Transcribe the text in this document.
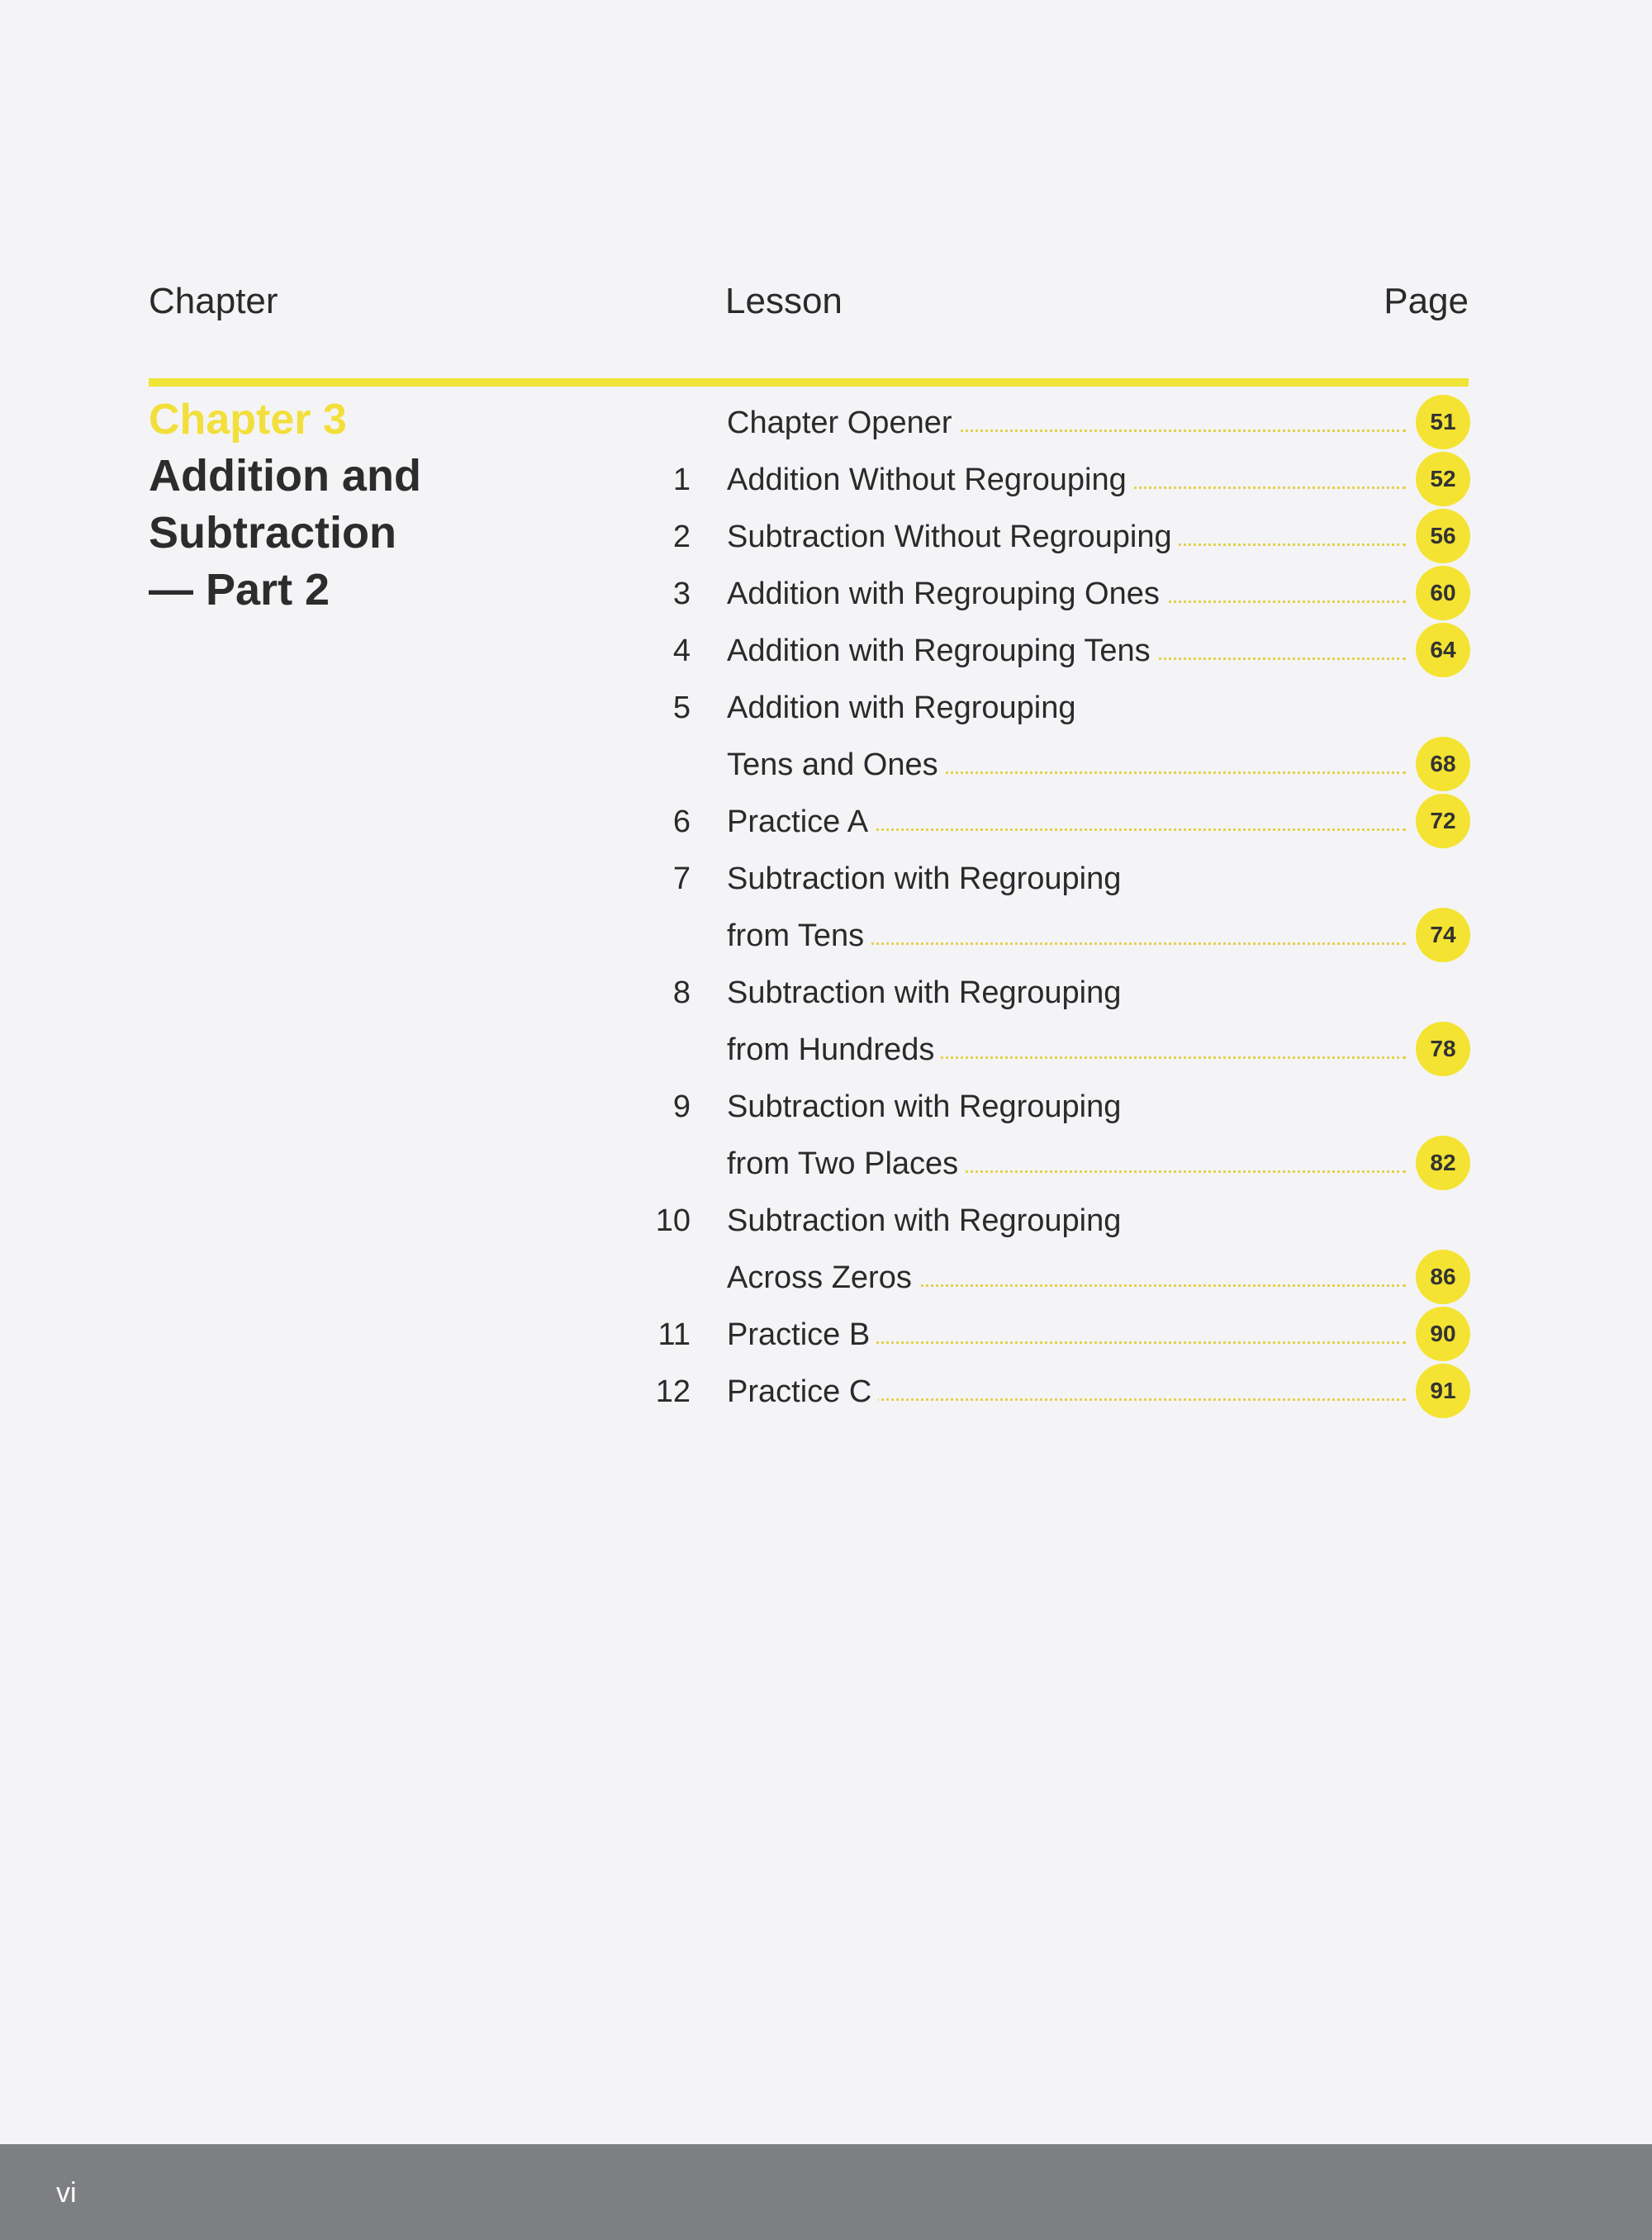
Chapter	Lesson	Page
Chapter 3
Addition and
Subtraction
— Part 2
Chapter Opener	51
1 Addition Without Regrouping	52
2 Subtraction Without Regrouping	56
3 Addition with Regrouping Ones	60
4 Addition with Regrouping Tens	64
5 Addition with Regrouping
Tens and Ones	68
6 Practice A	72
7 Subtraction with Regrouping
from Tens	74
8 Subtraction with Regrouping
from Hundreds	78
9 Subtraction with Regrouping
from Two Places	82
10 Subtraction with Regrouping
Across Zeros	86
11 Practice B	90
12 Practice C	91
vi
